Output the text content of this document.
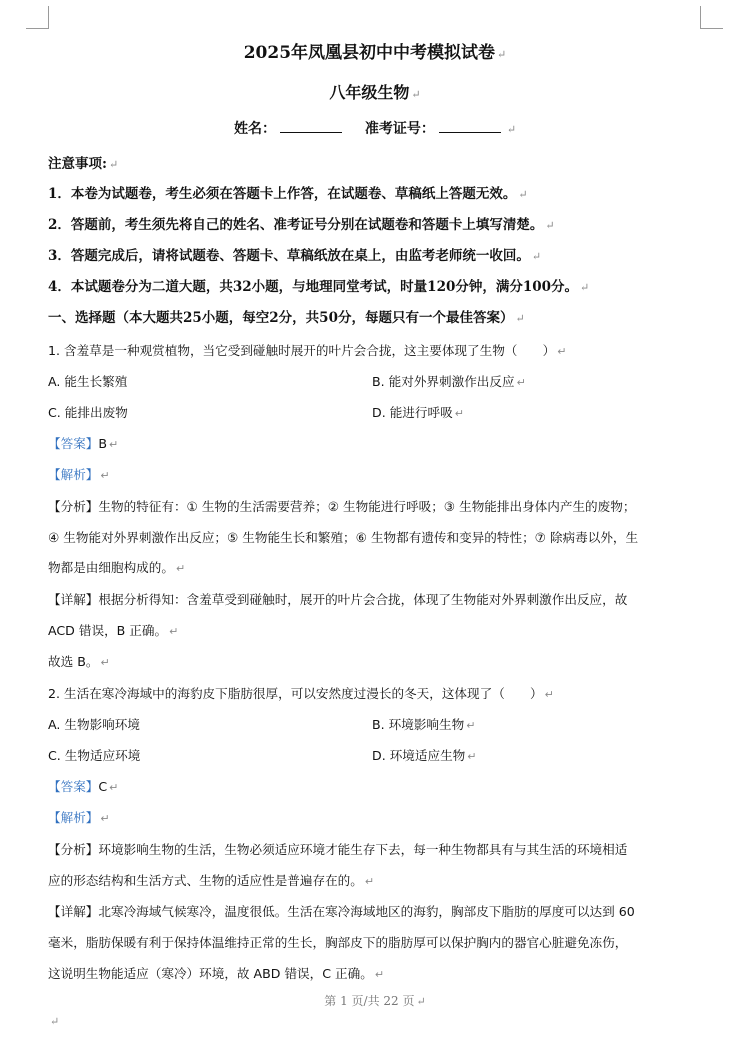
2025年凤凰县初中中考模拟试卷 ↵
八年级生物 ↵
姓名：	准考证号：	↵
注意事项: ↵
1．本卷为试题卷，考生必须在答题卡上作答，在试题卷、草稿纸上答题无效。 ↵
2．答题前，考生须先将自己的姓名、准考证号分别在试题卷和答题卡上填写清楚。 ↵
3．答题完成后，请将试题卷、答题卡、草稿纸放在桌上，由监考老师统一收回。 ↵
4．本试题卷分为二道大题，共32小题，与地理同堂考试，时量120分钟，满分100分。 ↵
一、选择题（本大题共25小题，每空2分，共50分，每题只有一个最佳答案） ↵
1. 含羞草是一种观赏植物，当它受到碰触时展开的叶片会合拢，这主要体现了生物（　　） ↵
A. 能生长繁殖	B. 能对外界刺激作出反应 ↵
C. 能排出废物	D. 能进行呼吸 ↵
【答案】B ↵
【解析】 ↵
【分析】生物的特征有：① 生物的生活需要营养；② 生物能进行呼吸；③ 生物能排出身体内产生的废物；
④ 生物能对外界刺激作出反应；⑤ 生物能生长和繁殖；⑥ 生物都有遗传和变异的特性；⑦ 除病毒以外，生
物都是由细胞构成的。 ↵
【详解】根据分析得知：含羞草受到碰触时，展开的叶片会合拢，体现了生物能对外界刺激作出反应，故
ACD 错误，B 正确。 ↵
故选 B。 ↵
2. 生活在寒冷海域中的海豹皮下脂肪很厚，可以安然度过漫长的冬天，这体现了（　　） ↵
A. 生物影响环境	B. 环境影响生物 ↵
C. 生物适应环境	D. 环境适应生物 ↵
【答案】C ↵
【解析】 ↵
【分析】环境影响生物的生活，生物必须适应环境才能生存下去，每一种生物都具有与其生活的环境相适
应的形态结构和生活方式、生物的适应性是普遍存在的。 ↵
【详解】北寒冷海域气候寒冷，温度很低。生活在寒冷海域地区的海豹，胸部皮下脂肪的厚度可以达到 60
毫米，脂肪保暖有利于保持体温维持正常的生长，胸部皮下的脂肪厚可以保护胸内的器官心脏避免冻伤，
这说明生物能适应（寒冷）环境，故 ABD 错误，C 正确。 ↵
第 1 页/共 22 页 ↵
↵
